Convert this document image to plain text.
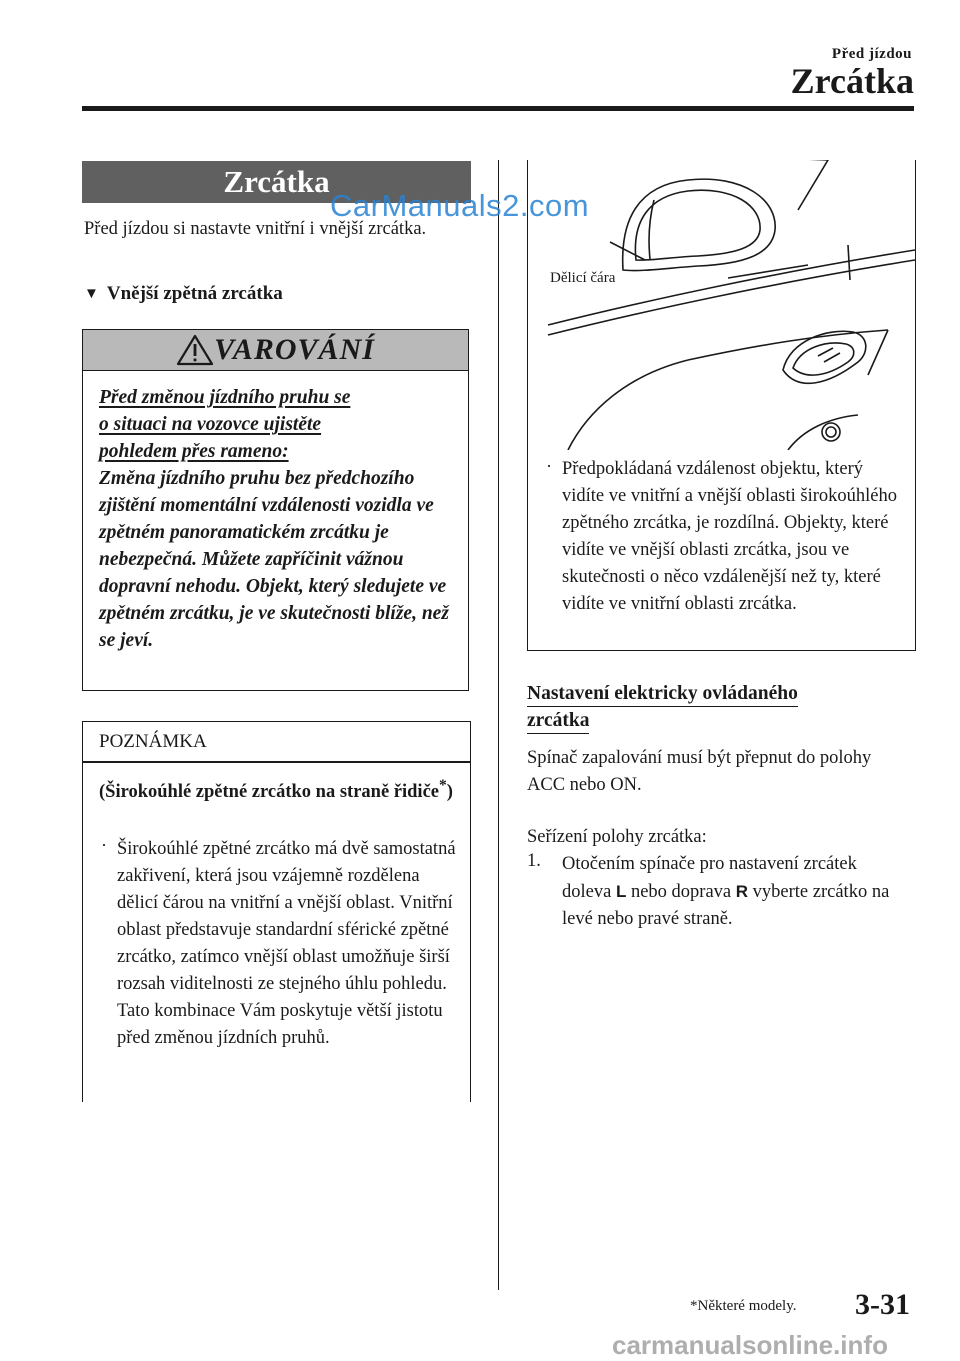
Před jízdou
Zrcátka
Zrcátka
Před jízdou si nastavte vnitřní i vnější zrcátka.
▼ Vnější zpětná zrcátka
VAROVÁNÍ
Před změnou jízdního pruhu se
o situaci na vozovce ujistěte
pohledem přes rameno:
Změna jízdního pruhu bez předchozího zjištění momentální vzdálenosti vozidla ve zpětném panoramatickém zrcátku je nebezpečná. Můžete zapříčinit vážnou dopravní nehodu. Objekt, který sledujete ve zpětném zrcátku, je ve skutečnosti blíže, než se jeví.
POZNÁMKA
(Širokoúhlé zpětné zrcátko na straně řidiče*)
· Širokoúhlé zpětné zrcátko má dvě samostatná zakřivení, která jsou vzájemně rozdělena dělicí čárou na vnitřní a vnější oblast. Vnitřní oblast představuje standardní sférické zpětné zrcátko, zatímco vnější oblast umožňuje širší rozsah viditelnosti ze stejného úhlu pohledu. Tato kombinace Vám poskytuje větší jistotu před změnou jízdních pruhů.
Dělicí čára
· Předpokládaná vzdálenost objektu, který vidíte ve vnitřní a vnější oblasti širokoúhlého zpětného zrcátka, je rozdílná. Objekty, které vidíte ve vnější oblasti zrcátka, jsou ve skutečnosti o něco vzdálenější než ty, které vidíte ve vnitřní oblasti zrcátka.
Nastavení elektricky ovládaného
zrcátka
Spínač zapalování musí být přepnut do polohy ACC nebo ON.
Seřízení polohy zrcátka:
1. Otočením spínače pro nastavení zrcátek doleva L nebo doprava R vyberte zrcátko na levé nebo pravé straně.
*Některé modely. 3-31
CarManuals2.com
carmanualsonline.info
